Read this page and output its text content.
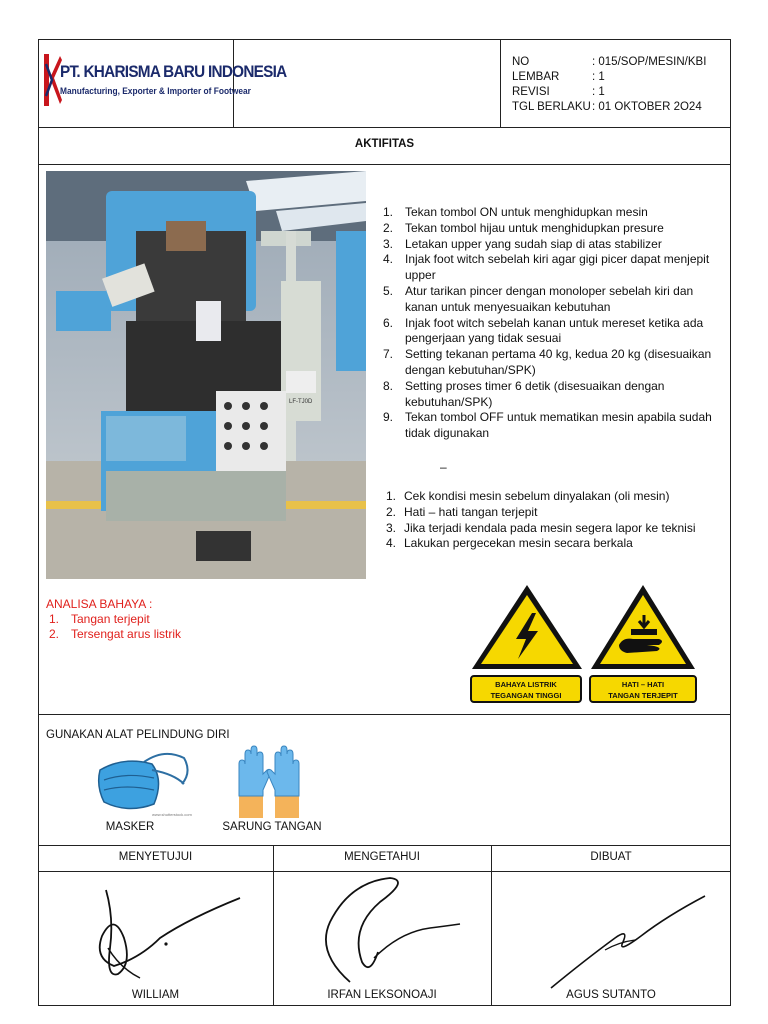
PT. KHARISMA BARU INDONESIA
Manufacturing, Exporter & Importer of Footwear
NO	: 015/SOP/MESIN/KBI
LEMBAR	: 1
REVISI	: 1
TGL BERLAKU : 01 OKTOBER 2O24
AKTIFITAS
LF-TJ0D
1. Tekan tombol ON untuk menghidupkan mesin
2. Tekan tombol hijau untuk menghidupkan presure
3. Letakan upper yang sudah siap di atas stabilizer
4. Injak foot witch sebelah kiri agar gigi picer dapat menjepit upper
5. Atur tarikan pincer dengan monoloper sebelah kiri dan kanan untuk menyesuaikan kebutuhan
6. Injak foot witch sebelah kanan untuk mereset ketika ada pengerjaan yang tidak sesuai
7. Setting tekanan pertama 40 kg, kedua 20 kg (disesuaikan dengan kebutuhan/SPK)
8. Setting proses timer 6 detik (disesuaikan dengan kebutuhan/SPK)
9. Tekan tombol OFF untuk mematikan mesin apabila sudah tidak digunakan
–
1. Cek kondisi mesin sebelum dinyalakan (oli mesin)
2. Hati – hati tangan terjepit
3. Jika terjadi kendala pada mesin segera lapor ke teknisi
4. Lakukan pergecekan mesin secara berkala
ANALISA BAHAYA :
1. Tangan terjepit
2. Tersengat arus listrik
BAHAYA LISTRIK
TEGANGAN TINGGI
HATI – HATI
TANGAN TERJEPIT
GUNAKAN ALAT PELINDUNG DIRI
www.shutterstock.com
MASKER	SARUNG TANGAN
MENYETUJUI	MENGETAHUI	DIBUAT
WILLIAM	IRFAN LEKSONOAJI	AGUS SUTANTO
